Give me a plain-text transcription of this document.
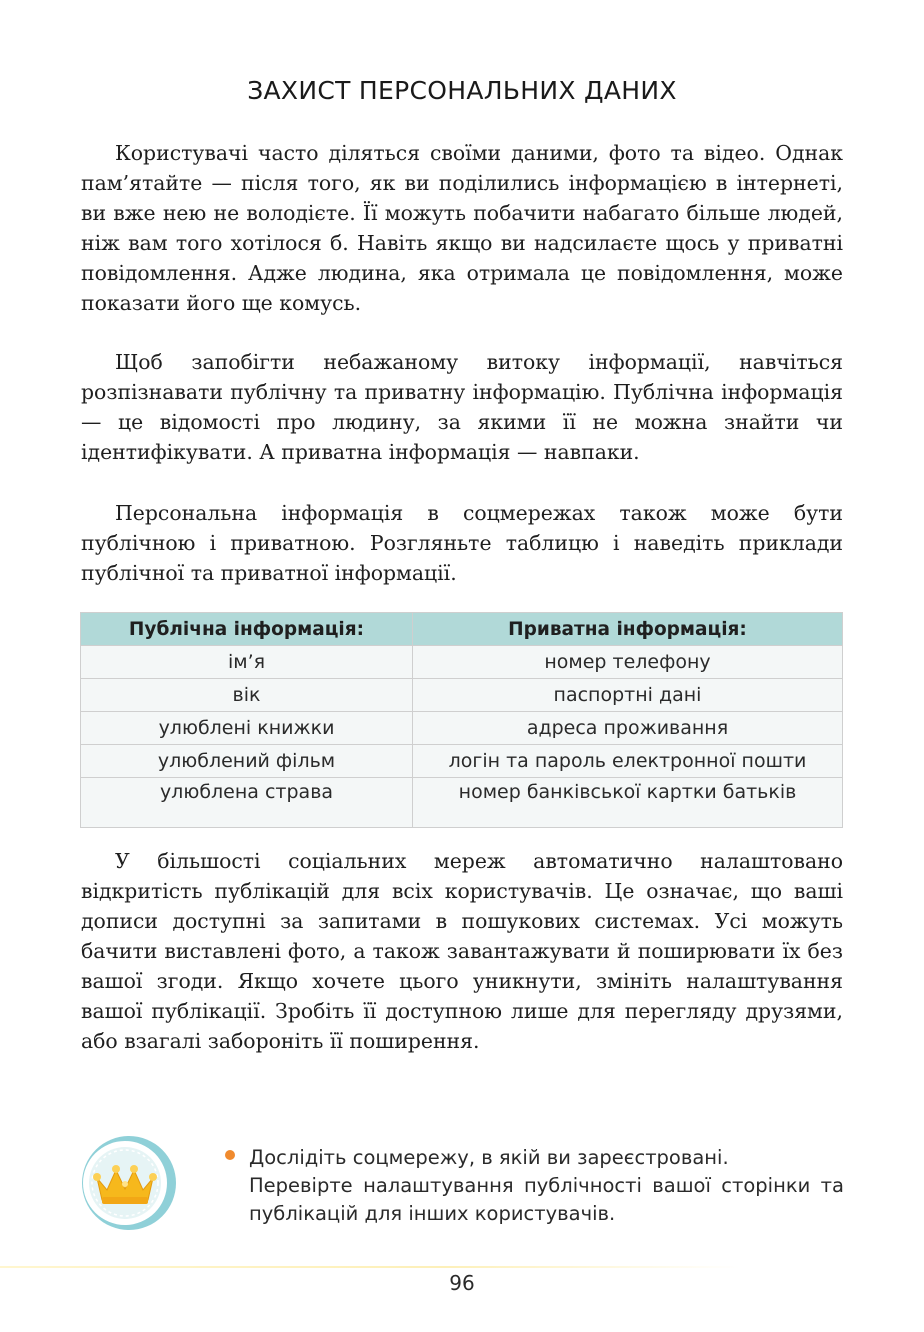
ЗАХИСТ ПЕРСОНАЛЬНИХ ДАНИХ

Користувачі часто діляться своїми даними, фото та відео. Однак пам’ятайте — після того, як ви поділились інформацією в інтернеті, ви вже нею не володієте. Її можуть побачити набагато більше людей, ніж вам того хотілося б. Навіть якщо ви надсилаєте щось у приватні повідомлення. Адже людина, яка отримала це повідомлення, може показати його ще комусь.

Щоб запобігти небажаному витоку інформації, навчіться розпізнавати публічну та приватну інформацію. Публічна інформація — це відомості про людину, за якими її не можна знайти чи ідентифікувати. А приватна інформація — навпаки.

Персональна інформація в соцмережах також може бути публічною і приватною. Розгляньте таблицю і наведіть приклади публічної та приватної інформації.

Публічна інформація:	Приватна інформація:
ім’я	номер телефону
вік	паспортні дані
улюблені книжки	адреса проживання
улюблений фільм	логін та пароль електронної пошти
улюблена страва	номер банківської картки батьків

У більшості соціальних мереж автоматично налаштовано відкритість публікацій для всіх користувачів. Це означає, що ваші дописи доступні за запитами в пошукових системах. Усі можуть бачити виставлені фото, а також завантажувати й поширювати їх без вашої згоди. Якщо хочете цього уникнути, змініть налаштування вашої публікації. Зробіть її доступною лише для перегляду друзями, або взагалі забороніть її поширення.

Дослідіть соцмережу, в якій ви зареєстровані.
Перевірте налаштування публічності вашої сторінки та публікацій для інших користувачів.
96
